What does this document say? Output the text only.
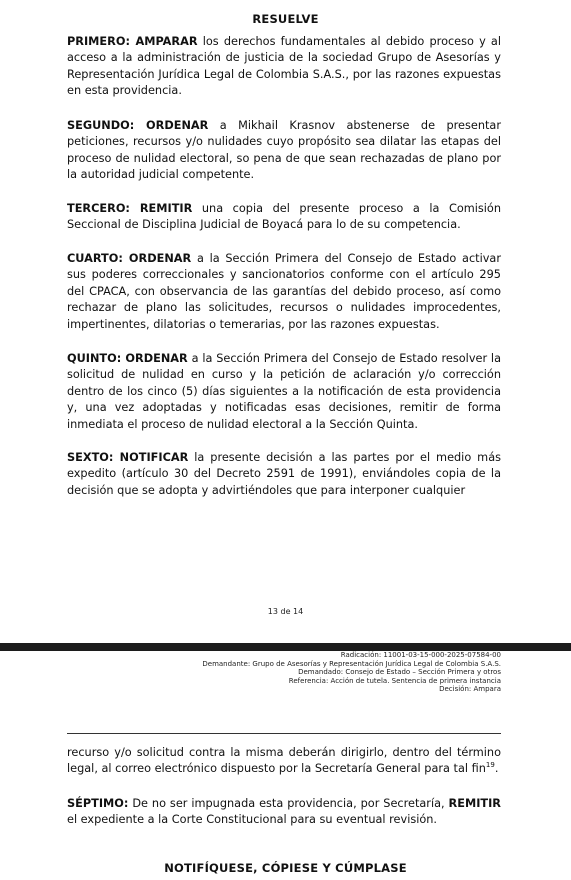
RESUELVE

PRIMERO: AMPARAR los derechos fundamentales al debido proceso y al acceso a la administración de justicia de la sociedad Grupo de Asesorías y Representación Jurídica Legal de Colombia S.A.S., por las razones expuestas en esta providencia.

SEGUNDO: ORDENAR a Mikhail Krasnov abstenerse de presentar peticiones, recursos y/o nulidades cuyo propósito sea dilatar las etapas del proceso de nulidad electoral, so pena de que sean rechazadas de plano por la autoridad judicial competente.

TERCERO: REMITIR una copia del presente proceso a la Comisión Seccional de Disciplina Judicial de Boyacá para lo de su competencia.

CUARTO: ORDENAR a la Sección Primera del Consejo de Estado activar sus poderes correccionales y sancionatorios conforme con el artículo 295 del CPACA, con observancia de las garantías del debido proceso, así como rechazar de plano las solicitudes, recursos o nulidades improcedentes, impertinentes, dilatorias o temerarias, por las razones expuestas.

QUINTO: ORDENAR a la Sección Primera del Consejo de Estado resolver la solicitud de nulidad en curso y la petición de aclaración y/o corrección dentro de los cinco (5) días siguientes a la notificación de esta providencia y, una vez adoptadas y notificadas esas decisiones, remitir de forma inmediata el proceso de nulidad electoral a la Sección Quinta.

SEXTO: NOTIFICAR la presente decisión a las partes por el medio más expedito (artículo 30 del Decreto 2591 de 1991), enviándoles copia de la decisión que se adopta y advirtiéndoles que para interponer cualquier

13 de 14
Radicación: 11001-03-15-000-2025-07584-00
Demandante: Grupo de Asesorías y Representación Jurídica Legal de Colombia S.A.S.
Demandado: Consejo de Estado – Sección Primera y otros
Referencia: Acción de tutela. Sentencia de primera instancia
Decisión: Ampara

recurso y/o solicitud contra la misma deberán dirigirlo, dentro del término legal, al correo electrónico dispuesto por la Secretaría General para tal fin$^{19}$.

SÉPTIMO: De no ser impugnada esta providencia, por Secretaría, REMITIR el expediente a la Corte Constitucional para su eventual revisión.

NOTIFÍQUESE, CÓPIESE Y CÚMPLASE
